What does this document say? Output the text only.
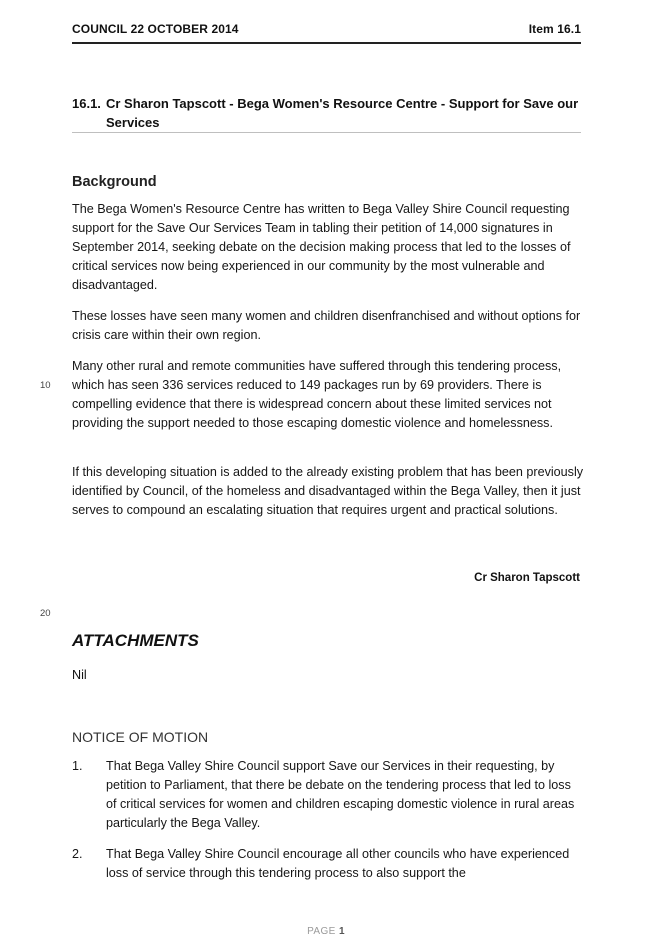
COUNCIL 22 OCTOBER 2014	Item 16.1
16.1. Cr Sharon Tapscott - Bega Women's Resource Centre - Support for Save our Services
Background
The Bega Women's Resource Centre has written to Bega Valley Shire Council requesting support for the Save Our Services Team in tabling their petition of 14,000 signatures in September 2014, seeking debate on the decision making process that led to the losses of critical services now being experienced in our community by the most vulnerable and disadvantaged.
These losses have seen many women and children disenfranchised and without options for crisis care within their own region.
Many other rural and remote communities have suffered through this tendering process, which has seen 336 services reduced to 149 packages run by 69 providers. There is compelling evidence that there is widespread concern about these limited services not providing the support needed to those escaping domestic violence and homelessness.
If this developing situation is added to the already existing problem that has been previously identified by Council, of the homeless and disadvantaged within the Bega Valley, then it just serves to compound an escalating situation that requires urgent and practical solutions.
10
20
Cr Sharon Tapscott
ATTACHMENTS
Nil
NOTICE OF MOTION
1. That Bega Valley Shire Council support Save our Services in their requesting, by petition to Parliament, that there be debate on the tendering process that led to loss of critical services for women and children escaping domestic violence in rural areas particularly the Bega Valley.
2. That Bega Valley Shire Council encourage all other councils who have experienced loss of service through this tendering process to also support the
PAGE 1
